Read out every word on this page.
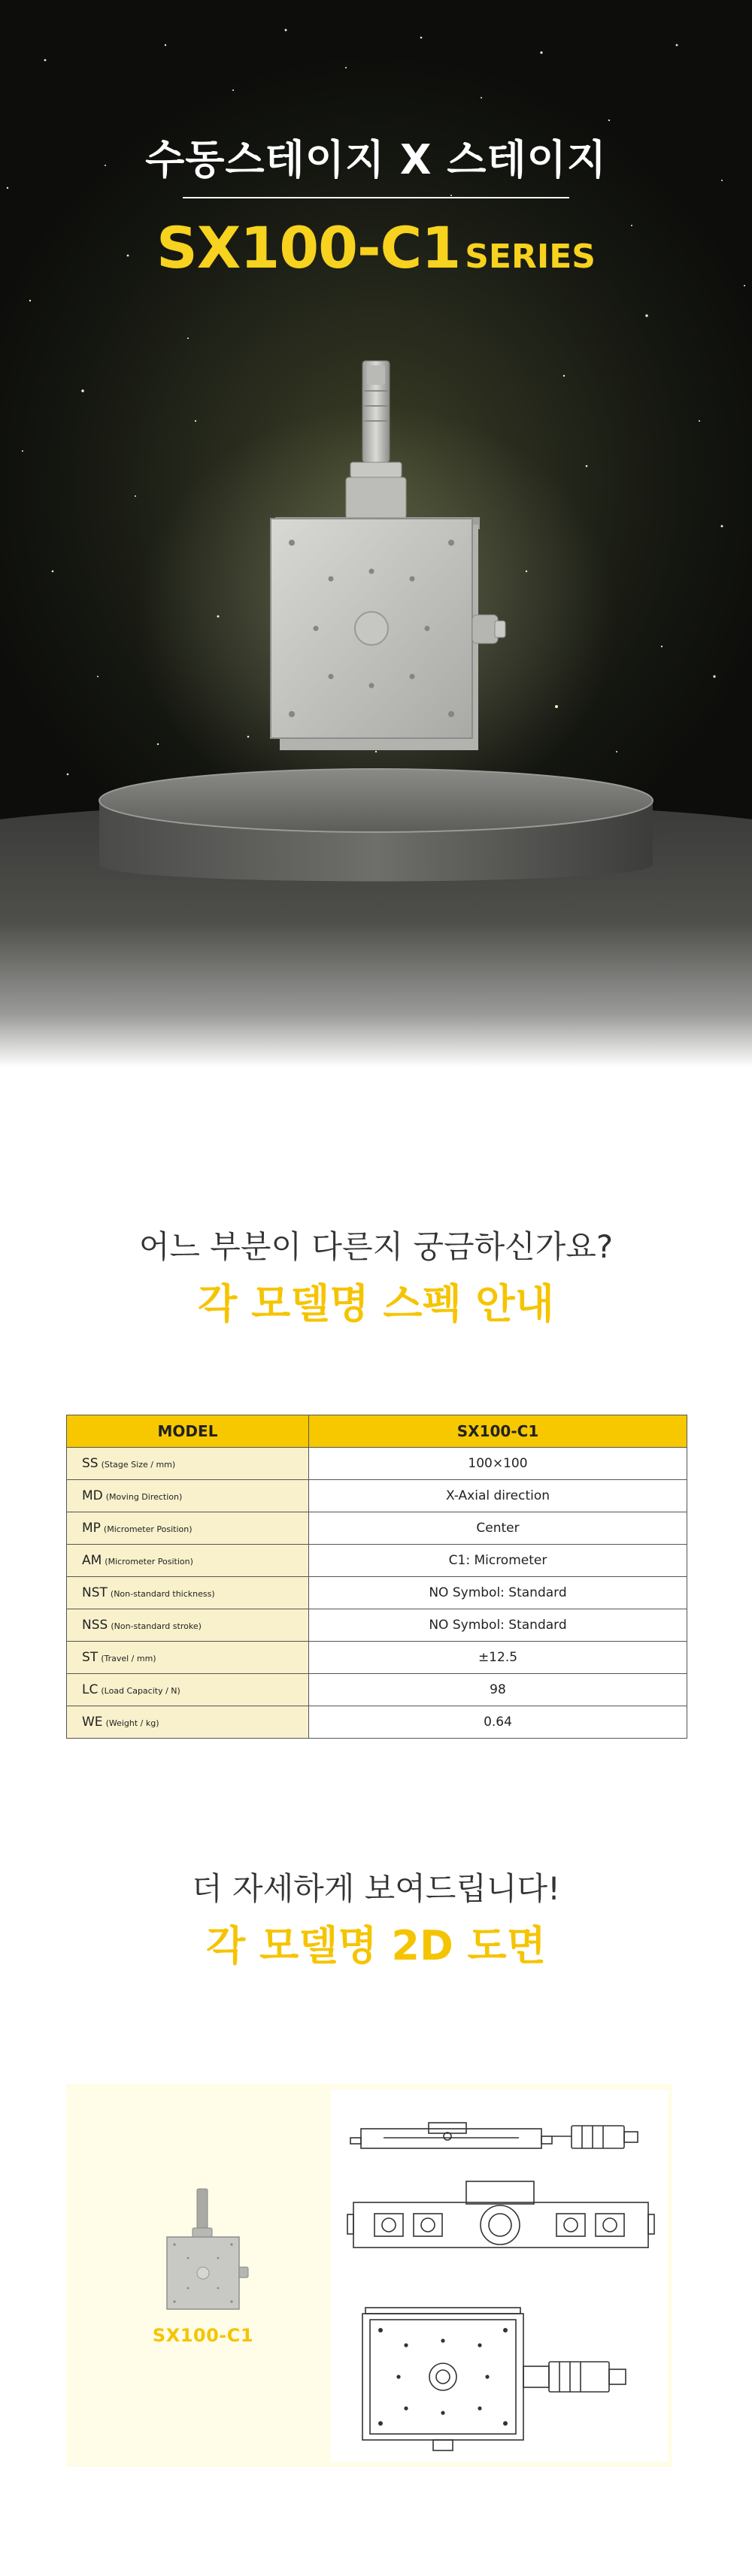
수동스테이지 X 스테이지
SX100-C1 SERIES
어느 부분이 다른지 궁금하신가요?
각 모델명 스펙 안내
MODEL	SX100-C1
SS (Stage Size / mm)	100×100
MD (Moving Direction)	X-Axial direction
MP (Micrometer Position)	Center
AM (Micrometer Position)	C1: Micrometer
NST (Non-standard thickness)	NO Symbol: Standard
NSS (Non-standard stroke)	NO Symbol: Standard
ST (Travel / mm)	±12.5
LC (Load Capacity / N)	98
WE (Weight / kg)	0.64
더 자세하게 보여드립니다!
각 모델명 2D 도면
SX100-C1
